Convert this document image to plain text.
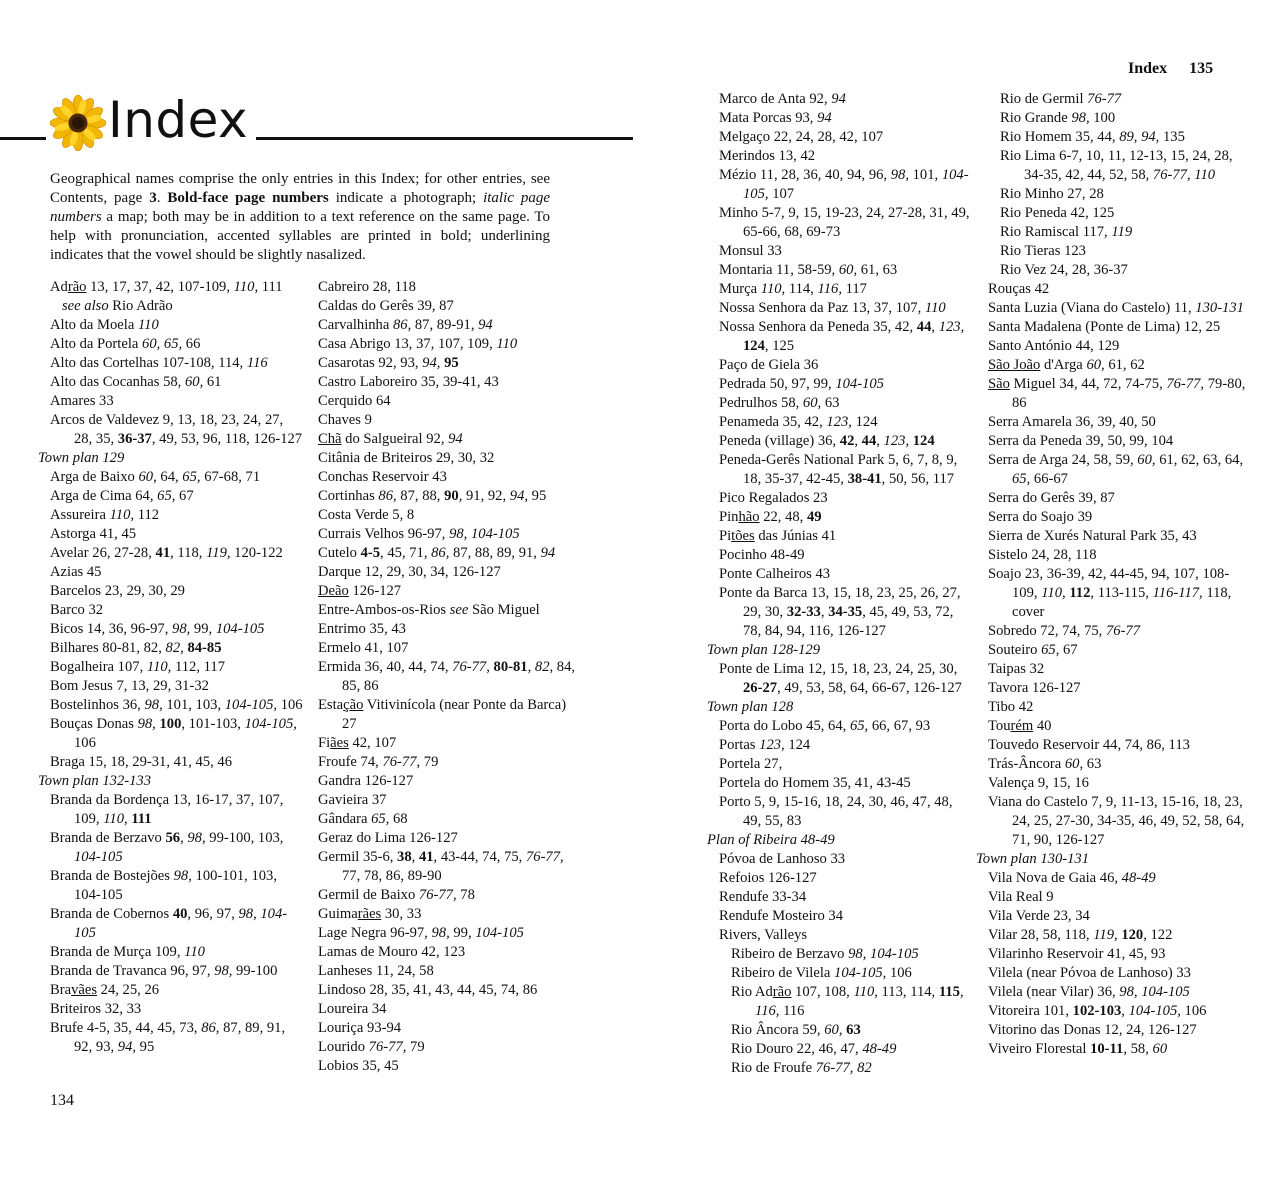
Index
Index 135
Geographical names comprise the only entries in this Index; for other entries, see Contents, page 3. Bold-face page numbers indicate a photograph; italic page numbers a map; both may be in addition to a text reference on the same page. To help with pronunciation, accented syllables are printed in bold; underlining indicates that the vowel should be slightly nasalized.
Adrão 13, 17, 37, 42, 107-109, 110, 111
see also Rio Adrão
Alto da Moela 110
Alto da Portela 60, 65, 66
Alto das Cortelhas 107-108, 114, 116
Alto das Cocanhas 58, 60, 61
Amares 33
Arcos de Valdevez 9, 13, 18, 23, 24, 27, 28, 35, 36-37, 49, 53, 96, 118, 126-127
Town plan 129
Arga de Baixo 60, 64, 65, 67-68, 71
Arga de Cima 64, 65, 67
Assureira 110, 112
Astorga 41, 45
Avelar 26, 27-28, 41, 118, 119, 120-122
Azias 45
Barcelos 23, 29, 30, 29
Barco 32
Bicos 14, 36, 96-97, 98, 99, 104-105
Bilhares 80-81, 82, 82, 84-85
Bogalheira 107, 110, 112, 117
Bom Jesus 7, 13, 29, 31-32
Bostelinhos 36, 98, 101, 103, 104-105, 106
Bouças Donas 98, 100, 101-103, 104-105, 106
Braga 15, 18, 29-31, 41, 45, 46
Town plan 132-133
Branda da Bordença 13, 16-17, 37, 107, 109, 110, 111
Branda de Berzavo 56, 98, 99-100, 103, 104-105
Branda de Bostejões 98, 100-101, 103, 104-105
Branda de Cobernos 40, 96, 97, 98, 104-105
Branda de Murça 109, 110
Branda de Travanca 96, 97, 98, 99-100
Bravães 24, 25, 26
Briteiros 32, 33
Brufe 4-5, 35, 44, 45, 73, 86, 87, 89, 91, 92, 93, 94, 95
Cabreiro 28, 118
Caldas do Gerês 39, 87
Carvalhinha 86, 87, 89-91, 94
Casa Abrigo 13, 37, 107, 109, 110
Casarotas 92, 93, 94, 95
Castro Laboreiro 35, 39-41, 43
Cerquido 64
Chaves 9
Chã do Salgueiral 92, 94
Citânia de Briteiros 29, 30, 32
Conchas Reservoir 43
Cortinhas 86, 87, 88, 90, 91, 92, 94, 95
Costa Verde 5, 8
Currais Velhos 96-97, 98, 104-105
Cutelo 4-5, 45, 71, 86, 87, 88, 89, 91, 94
Darque 12, 29, 30, 34, 126-127
Deão 126-127
Entre-Ambos-os-Rios see São Miguel
Entrimo 35, 43
Ermelo 41, 107
Ermida 36, 40, 44, 74, 76-77, 80-81, 82, 84, 85, 86
Estação Vitivinícola (near Ponte da Barca) 27
Fiães 42, 107
Froufe 74, 76-77, 79
Gandra 126-127
Gavieira 37
Gândara 65, 68
Geraz do Lima 126-127
Germil 35-6, 38, 41, 43-44, 74, 75, 76-77, 77, 78, 86, 89-90
Germil de Baixo 76-77, 78
Guimarães 30, 33
Lage Negra 96-97, 98, 99, 104-105
Lamas de Mouro 42, 123
Lanheses 11, 24, 58
Lindoso 28, 35, 41, 43, 44, 45, 74, 86
Loureira 34
Louriça 93-94
Lourido 76-77, 79
Lobios 35, 45
Marco de Anta 92, 94
Mata Porcas 93, 94
Melgaço 22, 24, 28, 42, 107
Merindos 13, 42
Mézio 11, 28, 36, 40, 94, 96, 98, 101, 104-105, 107
Minho 5-7, 9, 15, 19-23, 24, 27-28, 31, 49, 65-66, 68, 69-73
Monsul 33
Montaria 11, 58-59, 60, 61, 63
Murça 110, 114, 116, 117
Nossa Senhora da Paz 13, 37, 107, 110
Nossa Senhora da Peneda 35, 42, 44, 123, 124, 125
Paço de Giela 36
Pedrada 50, 97, 99, 104-105
Pedrulhos 58, 60, 63
Penameda 35, 42, 123, 124
Peneda (village) 36, 42, 44, 123, 124
Peneda-Gerês National Park 5, 6, 7, 8, 9, 18, 35-37, 42-45, 38-41, 50, 56, 117
Pico Regalados 23
Pinhão 22, 48, 49
Pitões das Júnias 41
Pocinho 48-49
Ponte Calheiros 43
Ponte da Barca 13, 15, 18, 23, 25, 26, 27, 29, 30, 32-33, 34-35, 45, 49, 53, 72, 78, 84, 94, 116, 126-127
Town plan 128-129
Ponte de Lima 12, 15, 18, 23, 24, 25, 30, 26-27, 49, 53, 58, 64, 66-67, 126-127
Town plan 128
Porta do Lobo 45, 64, 65, 66, 67, 93
Portas 123, 124
Portela 27,
Portela do Homem 35, 41, 43-45
Porto 5, 9, 15-16, 18, 24, 30, 46, 47, 48, 49, 55, 83
Plan of Ribeira 48-49
Póvoa de Lanhoso 33
Refoios 126-127
Rendufe 33-34
Rendufe Mosteiro 34
Rivers, Valleys
Ribeiro de Berzavo 98, 104-105
Ribeiro de Vilela 104-105, 106
Rio Adrão 107, 108, 110, 113, 114, 115, 116, 116
Rio Âncora 59, 60, 63
Rio Douro 22, 46, 47, 48-49
Rio de Froufe 76-77, 82
Rio de Germil 76-77
Rio Grande 98, 100
Rio Homem 35, 44, 89, 94, 135
Rio Lima 6-7, 10, 11, 12-13, 15, 24, 28, 34-35, 42, 44, 52, 58, 76-77, 110
Rio Minho 27, 28
Rio Peneda 42, 125
Rio Ramiscal 117, 119
Rio Tieras 123
Rio Vez 24, 28, 36-37
Rouças 42
Santa Luzia (Viana do Castelo) 11, 130-131
Santa Madalena (Ponte de Lima) 12, 25
Santo António 44, 129
São João d'Arga 60, 61, 62
São Miguel 34, 44, 72, 74-75, 76-77, 79-80, 86
Serra Amarela 36, 39, 40, 50
Serra da Peneda 39, 50, 99, 104
Serra de Arga 24, 58, 59, 60, 61, 62, 63, 64, 65, 66-67
Serra do Gerês 39, 87
Serra do Soajo 39
Sierra de Xurés Natural Park 35, 43
Sistelo 24, 28, 118
Soajo 23, 36-39, 42, 44-45, 94, 107, 108-109, 110, 112, 113-115, 116-117, 118, cover
Sobredo 72, 74, 75, 76-77
Souteiro 65, 67
Taipas 32
Tavora 126-127
Tibo 42
Tourém 40
Touvedo Reservoir 44, 74, 86, 113
Trás-Âncora 60, 63
Valença 9, 15, 16
Viana do Castelo 7, 9, 11-13, 15-16, 18, 23, 24, 25, 27-30, 34-35, 46, 49, 52, 58, 64, 71, 90, 126-127
Town plan 130-131
Vila Nova de Gaia 46, 48-49
Vila Real 9
Vila Verde 23, 34
Vilar 28, 58, 118, 119, 120, 122
Vilarinho Reservoir 41, 45, 93
Vilela (near Póvoa de Lanhoso) 33
Vilela (near Vilar) 36, 98, 104-105
Vitoreira 101, 102-103, 104-105, 106
Vitorino das Donas 12, 24, 126-127
Viveiro Florestal 10-11, 58, 60
134
